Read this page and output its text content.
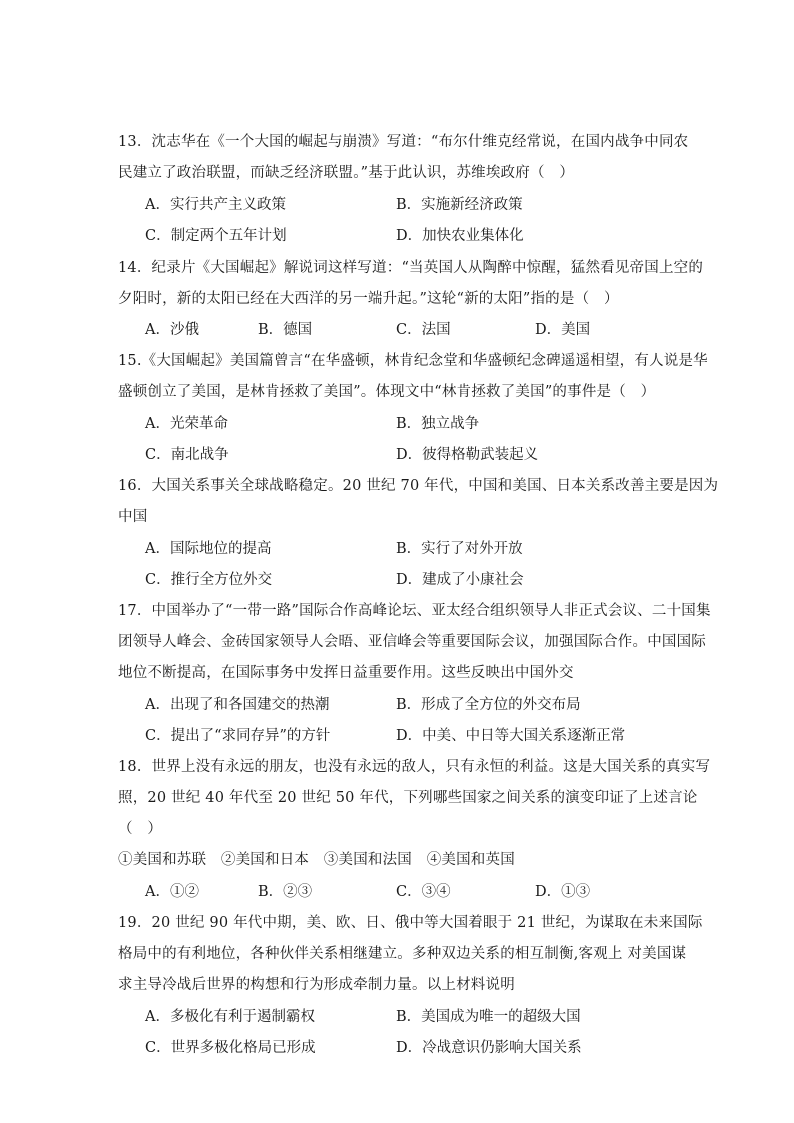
13．沈志华在《一个大国的崛起与崩溃》写道：“布尔什维克经常说，在国内战争中同农
民建立了政治联盟，而缺乏经济联盟。”基于此认识，苏维埃政府（　）
A．实行共产主义政策	B．实施新经济政策
C．制定两个五年计划	D．加快农业集体化
14．纪录片《大国崛起》解说词这样写道：“当英国人从陶醉中惊醒，猛然看见帝国上空的
夕阳时，新的太阳已经在大西洋的另一端升起。”这轮“新的太阳”指的是（　）
A．沙俄	B．德国	C．法国	D．美国
15.《大国崛起》美国篇曾言“在华盛顿，林肯纪念堂和华盛顿纪念碑遥遥相望，有人说是华
盛顿创立了美国，是林肯拯救了美国”。体现文中“林肯拯救了美国”的事件是（　）
A．光荣革命	B．独立战争
C．南北战争	D．彼得格勒武装起义
16．大国关系事关全球战略稳定。20 世纪 70 年代，中国和美国、日本关系改善主要是因为
中国
A．国际地位的提高	B．实行了对外开放
C．推行全方位外交	D．建成了小康社会
17．中国举办了“一带一路”国际合作高峰论坛、亚太经合组织领导人非正式会议、二十国集
团领导人峰会、金砖国家领导人会晤、亚信峰会等重要国际会议，加强国际合作。中国国际
地位不断提高，在国际事务中发挥日益重要作用。这些反映出中国外交
A．出现了和各国建交的热潮	B．形成了全方位的外交布局
C．提出了“求同存异”的方针	D．中美、中日等大国关系逐渐正常
18．世界上没有永远的朋友，也没有永远的敌人，只有永恒的利益。这是大国关系的真实写
照，20 世纪 40 年代至 20 世纪 50 年代，下列哪些国家之间关系的演变印证了上述言论
（　）
①美国和苏联　②美国和日本　③美国和法国　④美国和英国
A．①②	B．②③	C．③④	D．①③
19．20 世纪 90 年代中期，美、欧、日、俄中等大国着眼于 21 世纪，为谋取在未来国际
格局中的有利地位，各种伙伴关系相继建立。多种双边关系的相互制衡,客观上 对美国谋
求主导冷战后世界的构想和行为形成牵制力量。以上材料说明
A．多极化有利于遏制霸权	B．美国成为唯一的超级大国
C．世界多极化格局已形成	D．冷战意识仍影响大国关系
